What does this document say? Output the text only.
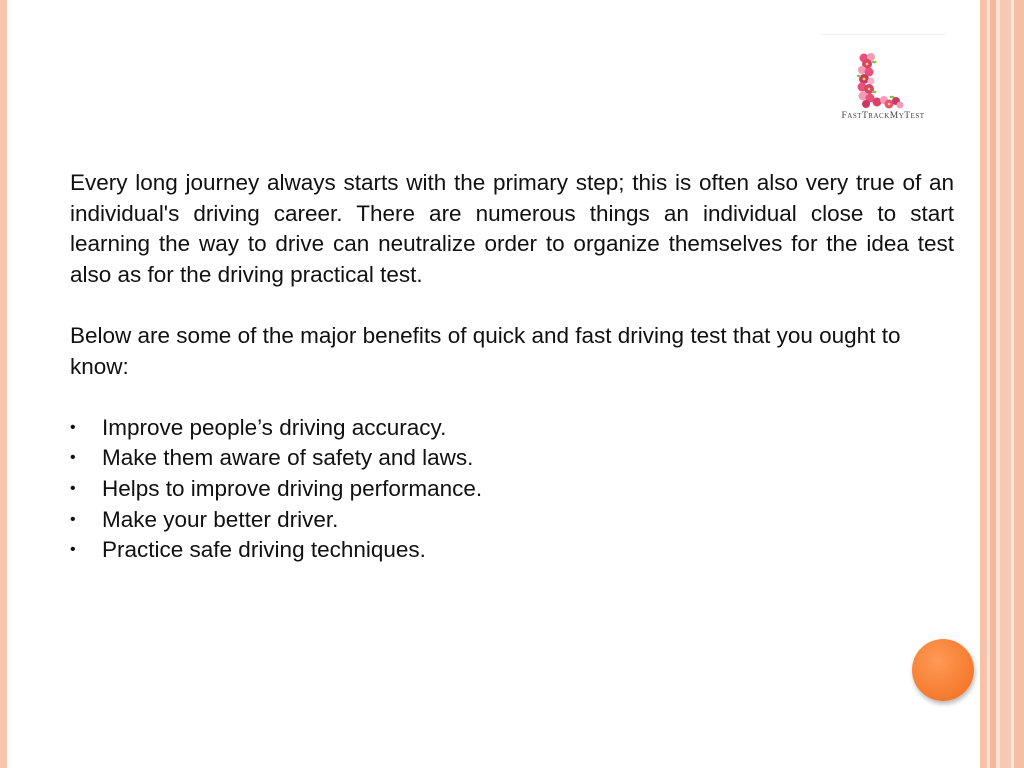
FastTrackMyTest

Every long journey always starts with the primary step; this is often also very true of an individual's driving career. There are numerous things an individual close to start learning the way to drive can neutralize order to organize themselves for the idea test also as for the driving practical test.

Below are some of the major benefits of quick and fast driving test that you ought to know:

• Improve people’s driving accuracy.
• Make them aware of safety and laws.
• Helps to improve driving performance.
• Make your better driver.
• Practice safe driving techniques.
